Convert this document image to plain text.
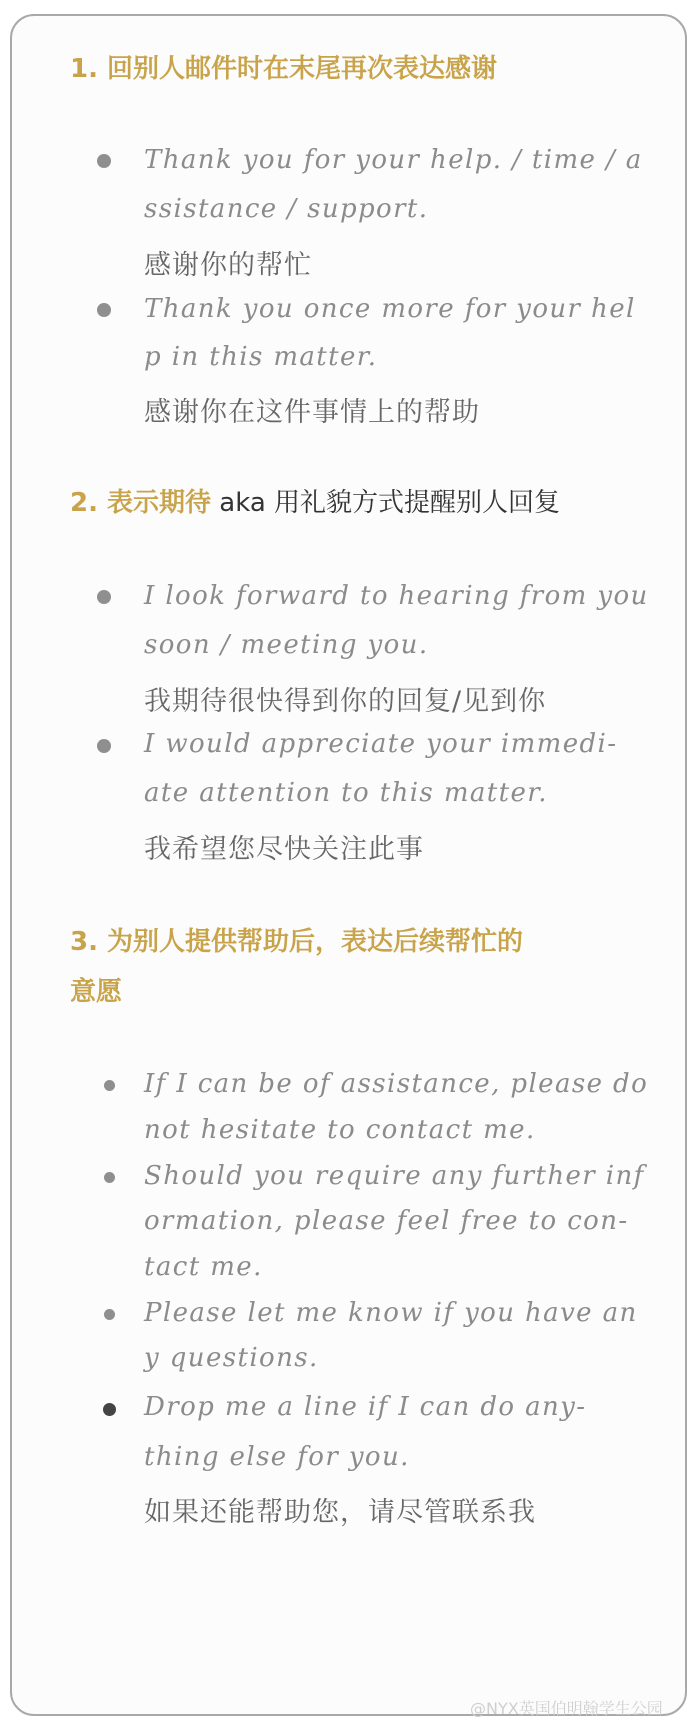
1. 回别人邮件时在末尾再次表达感谢
Thank you for your help. / time / a
ssistance / support.
感谢你的帮忙
Thank you once more for your hel
p in this matter.
感谢你在这件事情上的帮助
2. 表示期待 aka 用礼貌方式提醒别人回复
I look forward to hearing from you
soon / meeting you.
我期待很快得到你的回复/见到你
I would appreciate your immedi-
ate attention to this matter.
我希望您尽快关注此事
3. 为别人提供帮助后，表达后续帮忙的
意愿
If I can be of assistance, please do
not hesitate to contact me.
Should you require any further inf
ormation, please feel free to con-
tact me.
Please let me know if you have an
y questions.
Drop me a line if I can do any-
thing else for you.
如果还能帮助您，请尽管联系我
@NYX英国伯明翰学生公园
